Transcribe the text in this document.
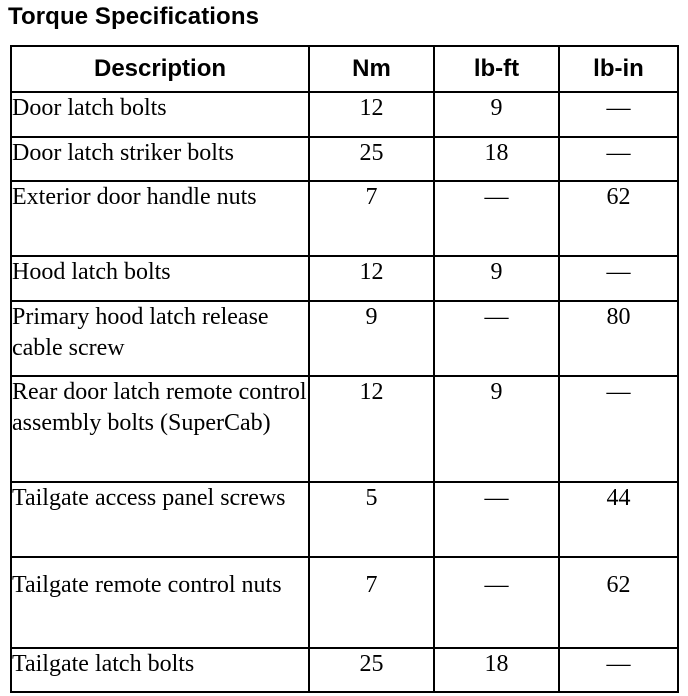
Torque Specifications
Description	Nm	lb-ft	lb-in
Door latch bolts	12	9	—
Door latch striker bolts	25	18	—
Exterior door handle nuts	7	—	62
Hood latch bolts	12	9	—
Primary hood latch release cable screw	9	—	80
Rear door latch remote control assembly bolts (SuperCab)	12	9	—
Tailgate access panel screws	5	—	44
Tailgate remote control nuts	7	—	62
Tailgate latch bolts	25	18	—
